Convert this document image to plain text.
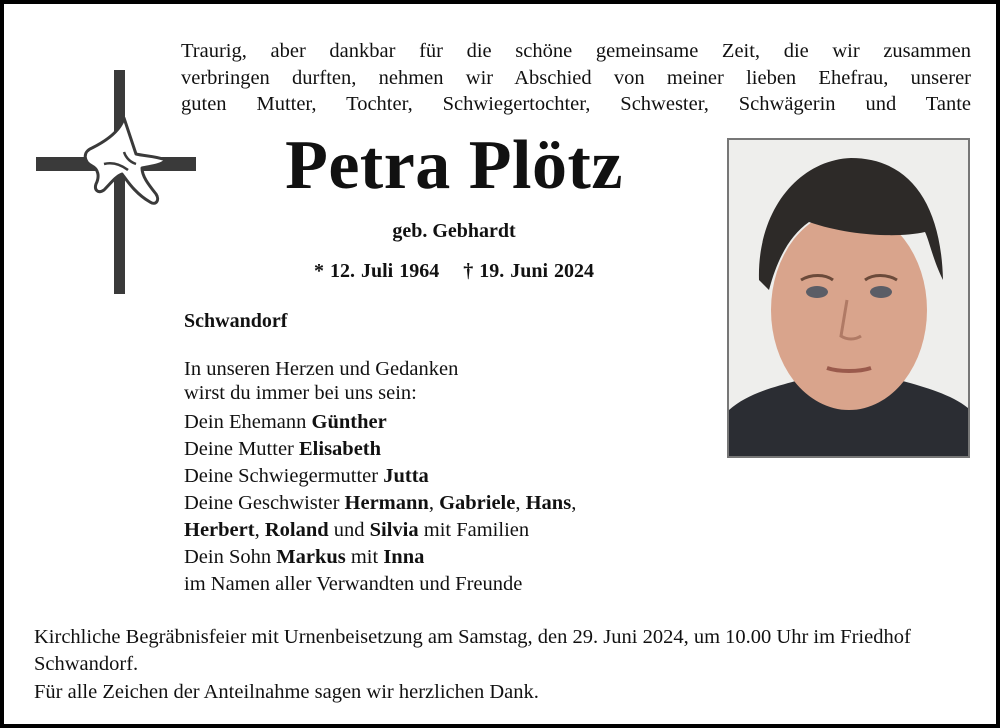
Traurig, aber dankbar für die schöne gemeinsame Zeit, die wir zusammen
verbringen durften, nehmen wir Abschied von meiner lieben Ehefrau, unserer
guten Mutter, Tochter, Schwiegertochter, Schwester, Schwägerin und Tante
Petra Plötz
geb. Gebhardt
* 12. Juli 1964 † 19. Juni 2024
Schwandorf
In unseren Herzen und Gedanken
wirst du immer bei uns sein:
Dein Ehemann Günther
Deine Mutter Elisabeth
Deine Schwiegermutter Jutta
Deine Geschwister Hermann, Gabriele, Hans,
Herbert, Roland und Silvia mit Familien
Dein Sohn Markus mit Inna
im Namen aller Verwandten und Freunde
Kirchliche Begräbnisfeier mit Urnenbeisetzung am Samstag, den 29. Juni 2024, um 10.00 Uhr im Friedhof Schwandorf.
Für alle Zeichen der Anteilnahme sagen wir herzlichen Dank.
